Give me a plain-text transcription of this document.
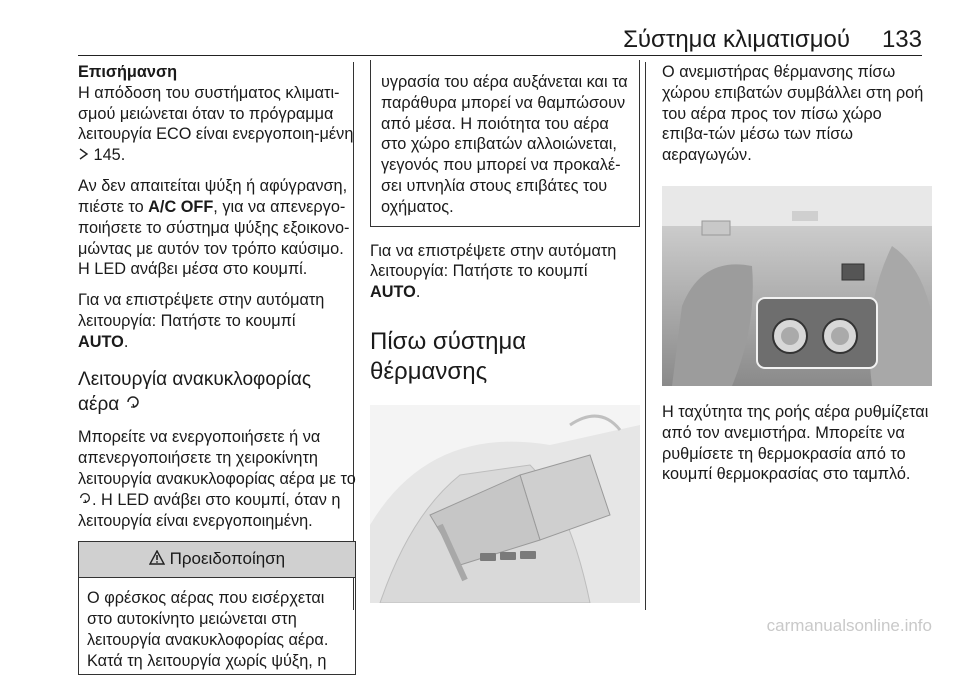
Σύστημα κλιματισμού 133

Επισήμανση
Η απόδοση του συστήματος κλιματι-σμού μειώνεται όταν το πρόγραμμα λειτουργία ECO είναι ενεργοποιη-μένη  145.

Αν δεν απαιτείται ψύξη ή αφύγρανση, πιέστε το A/C OFF, για να απενεργο-ποιήσετε το σύστημα ψύξης εξοικονο-μώντας με αυτόν τον τρόπο καύσιμο. Η LED ανάβει μέσα στο κουμπί.

Για να επιστρέψετε στην αυτόματη λειτουργία: Πατήστε το κουμπί
AUTO.

Λειτουργία ανακυκλοφορίας αέρα

Μπορείτε να ενεργοποιήσετε ή να απενεργοποιήσετε τη χειροκίνητη λειτουργία ανακυκλοφορίας αέρα με το . Η LED ανάβει στο κουμπί, όταν η λειτουργία είναι ενεργοποιημένη.

Προειδοποίηση
Ο φρέσκος αέρας που εισέρχεται στο αυτοκίνητο μειώνεται στη λειτουργία ανακυκλοφορίας αέρα. Κατά τη λειτουργία χωρίς ψύξη, η
υγρασία του αέρα αυξάνεται και τα παράθυρα μπορεί να θαμπώσουν από μέσα. Η ποιότητα του αέρα στο χώρο επιβατών αλλοιώνεται, γεγονός που μπορεί να προκαλέ-σει υπνηλία στους επιβάτες του οχήματος.

Για να επιστρέψετε στην αυτόματη λειτουργία: Πατήστε το κουμπί
AUTO.

Πίσω σύστημα θέρμανσης

Ο ανεμιστήρας θέρμανσης πίσω χώρου επιβατών συμβάλλει στη ροή του αέρα προς τον πίσω χώρο επιβα-τών μέσω των πίσω αεραγωγών.

Η ταχύτητα της ροής αέρα ρυθμίζεται από τον ανεμιστήρα. Μπορείτε να ρυθμίσετε τη θερμοκρασία από το κουμπί θερμοκρασίας στο ταμπλό.

carmanualsonline.info
